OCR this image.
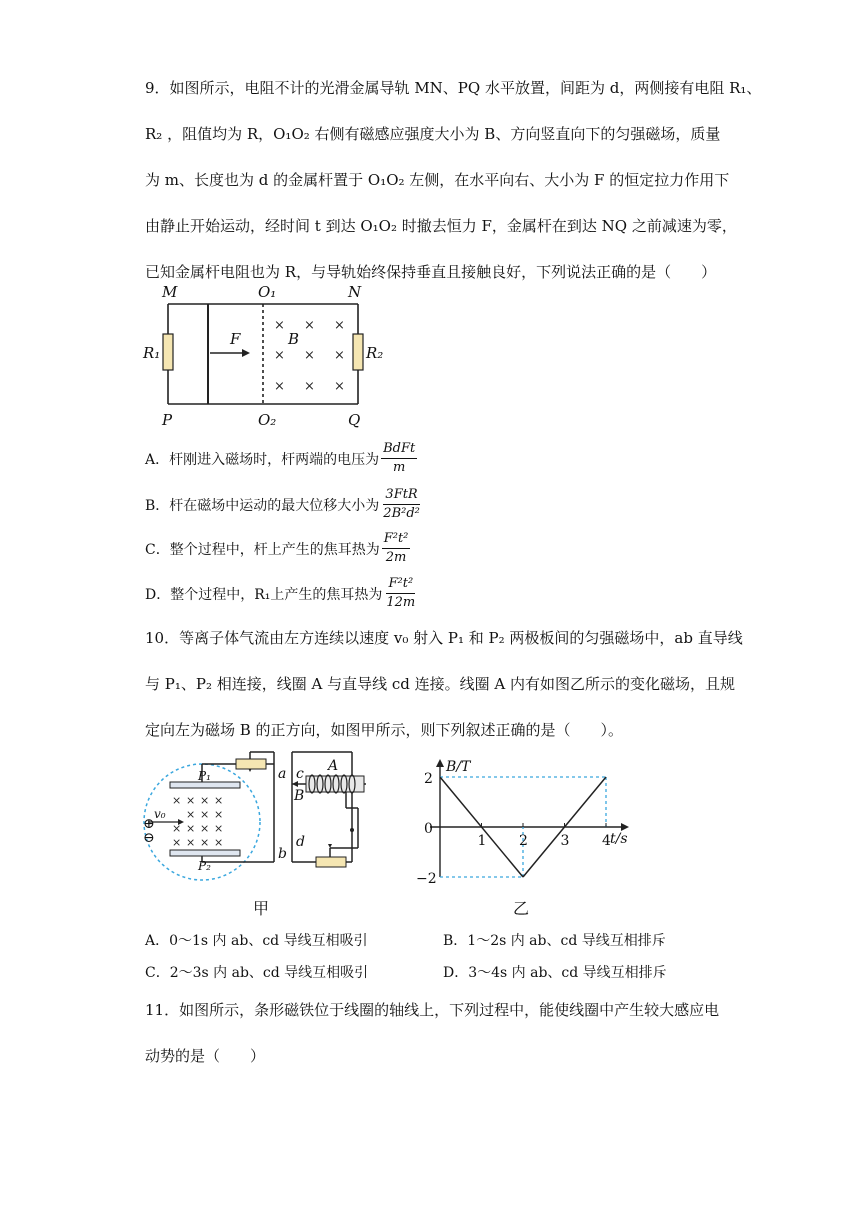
9．如图所示，电阻不计的光滑金属导轨 MN、PQ 水平放置，间距为 d，两侧接有电阻 R₁、

R₂ ，阻值均为 R，O₁O₂ 右侧有磁感应强度大小为 B、方向竖直向下的匀强磁场，质量

为 m、长度也为 d 的金属杆置于 O₁O₂ 左侧，在水平向右、大小为 F 的恒定拉力作用下

由静止开始运动，经时间 t 到达 O₁O₂ 时撤去恒力 F，金属杆在到达 NQ 之前减速为零，

已知金属杆电阻也为 R，与导轨始终保持垂直且接触良好，下列说法正确的是（　　）

M	O₁	N
P	O₂	Q
R₁	R₂
F	B
× × ×
× × ×
× × ×
A．杆刚进入磁场时，杆两端的电压为 $\frac{\text{BdFt}}{m}$
B．杆在磁场中运动的最大位移大小为 $\frac{\text{3FtR}}{\text{2B²d²}}$
C．整个过程中，杆上产生的焦耳热为 $\frac{\text{F²t²}}{2m}$
D．整个过程中，R₁上产生的焦耳热为 $\frac{\text{F²t²}}{12m}$

10．等离子体气流由左方连续以速度 v₀ 射入 P₁ 和 P₂ 两极板间的匀强磁场中，ab 直导线

与 P₁、P₂ 相连接，线圈 A 与直导线 cd 连接。线圈 A 内有如图乙所示的变化磁场，且规

定向左为磁场 B 的正方向，如图甲所示，则下列叙述正确的是（　　）。

P₁
P₂
v₀
a
b
c A
B
d
⊕
⊖
× × × ×
× × ×
× × × ×
× × × ×
甲
B/T
t/s
2
0
−2
1 2 3 4
乙
A．0～1s 内 ab、cd 导线互相吸引	B．1～2s 内 ab、cd 导线互相排斥
C．2～3s 内 ab、cd 导线互相吸引	D．3～4s 内 ab、cd 导线互相排斥

11．如图所示，条形磁铁位于线圈的轴线上，下列过程中，能使线圈中产生较大感应电

动势的是（　　）
